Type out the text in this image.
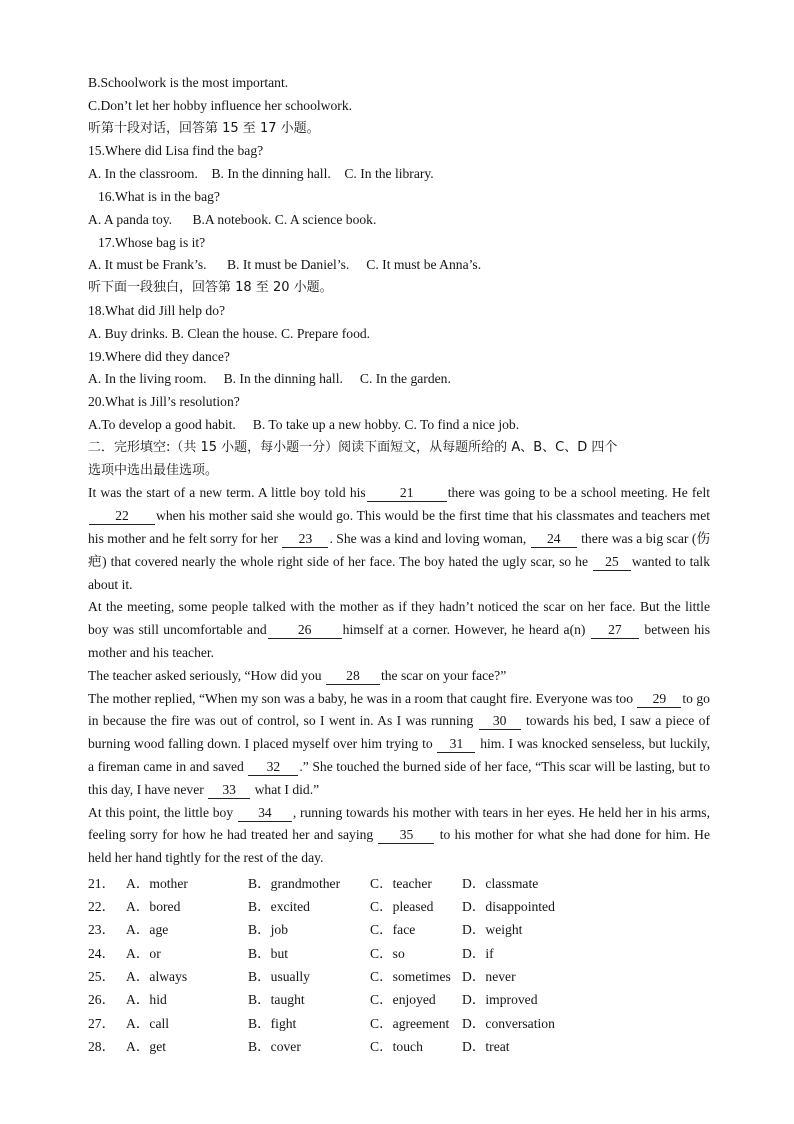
B.Schoolwork is the most important.
C.Don’t let her hobby influence her schoolwork.
听第十段对话，回答第 15 至 17 小题。
15.Where did Lisa find the bag?
A. In the classroom. B. In the dinning hall. C. In the library.
16.What is in the bag?
A. A panda toy. B.A notebook. C. A science book.
17.Whose bag is it?
A. It must be Frank’s. B. It must be Daniel’s. C. It must be Anna’s.
听下面一段独白，回答第 18 至 20 小题。
18.What did Jill help do?
A. Buy drinks. B. Clean the house. C. Prepare food.
19.Where did they dance?
A. In the living room. B. In the dinning hall. C. In the garden.
20.What is Jill’s resolution?
A.To develop a good habit. B. To take up a new hobby. C. To find a nice job.
二．完形填空:（共 15 小题，每小题一分）阅读下面短文，从每题所给的 A、B、C、D 四个
选项中选出最佳选项。
It was the start of a new term. A little boy told his	21	there was going to be a school meeting. He felt22 when his mother said she would go. This would be the first time that his classmates and teachers met his mother and he felt sorry for her 23 . She was a kind and loving woman, 24 there was a big scar (伤疤) that covered nearly the whole right side of her face. The boy hated the ugly scar, so he 25 wanted to talk about it.
At the meeting, some people talked with the mother as if they hadn’t noticed the scar on her face. But the little boy was still uncomfortable and 26 himself at a corner. However, he heard a(n) 27 between his mother and his teacher.
The teacher asked seriously, “How did you 28 the scar on your face?”
The mother replied, “When my son was a baby, he was in a room that caught fire. Everyone was too 29 to go in because the fire was out of control, so I went in. As I was running 30 towards his bed, I saw a piece of burning wood falling down. I placed myself over him trying to 31 him. I was knocked senseless, but luckily, a fireman came in and saved 32 .” She touched the burned side of her face, “This scar will be lasting, but to this day, I have never 33 what I did.”
At this point, the little boy 34 , running towards his mother with tears in her eyes. He held her in his arms, feeling sorry for how he had treated her and saying 35 to his mother for what she had done for him. He held her hand tightly for the rest of the day.
21． A．mother	B．grandmother	C．teacher	D．classmate
22． A．bored	B．excited	C．pleased	D．disappointed
23． A．age	B．job	C．face	D．weight
24． A．or	B．but	C．so	D．if
25． A．always	B．usually	C．sometimes D．never
26． A．hid	B．taught	C．enjoyed	D．improved
27． A．call	B．fight	C．agreement D．conversation
28． A．get	B．cover	C．touch	D．treat
